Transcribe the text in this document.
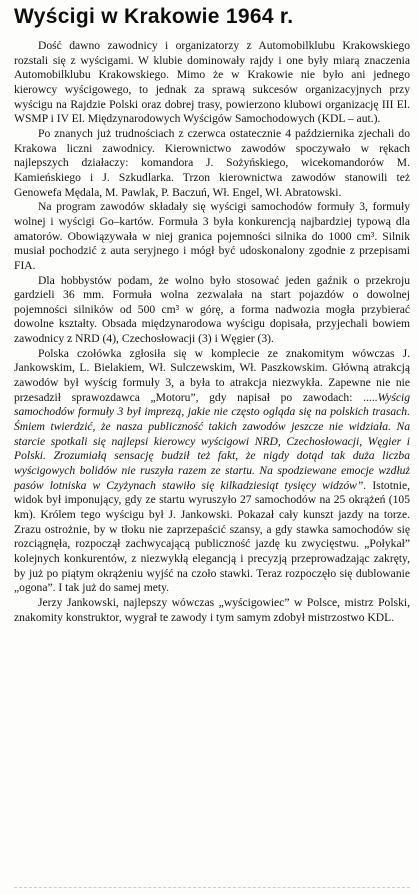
Wyścigi w Krakowie 1964 r.

Dość dawno zawodnicy i organizatorzy z Automobilklubu Krakowskiego rozstali się z wyścigami. W klubie dominowały rajdy i one były miarą znaczenia Automobilklubu Krakowskiego. Mimo że w Krakowie nie było ani jednego kierowcy wyścigowego, to jednak za sprawą sukcesów organizacyjnych przy wyścigu na Rajdzie Polski oraz dobrej trasy, powierzono klubowi organizację III El. WSMP i IV El. Międzynarodowych Wyścigów Samochodowych (KDL – aut.).

Po znanych już trudnościach z czerwca ostatecznie 4 października zjechali do Krakowa liczni zawodnicy. Kierownictwo zawodów spoczywało w rękach najlepszych działaczy: komandora J. Sożyńskiego, wicekomandorów M. Kamieńskiego i J. Szkudlarka. Trzon kierownictwa zawodów stanowili też Genowefa Mędala, M. Pawlak, P. Baczuń, Wł. Engel, Wł. Abratowski.

Na program zawodów składały się wyścigi samochodów formuły 3, formuły wolnej i wyścigi Go–kartów. Formuła 3 była konkurencją najbardziej typową dla amatorów. Obowiązywała w niej granica pojemności silnika do 1000 cm³. Silnik musiał pochodzić z auta seryjnego i mógł być udoskonalony zgodnie z przepisami FIA.

Dla hobbystów podam, że wolno było stosować jeden gaźnik o przekroju gardzieli 36 mm. Formuła wolna zezwalała na start pojazdów o dowolnej pojemności silników od 500 cm³ w górę, a forma nadwozia mogła przybierać dowolne kształty. Obsada międzynarodowa wyścigu dopisała, przyjechali bowiem zawodnicy z NRD (4), Czechosłowacji (3) i Węgier (3).

Polska czołówka zgłosiła się w komplecie ze znakomitym wówczas J. Jankowskim, L. Bielakiem, Wł. Sulczewskim, Wł. Paszkowskim. Główną atrakcją zawodów był wyścig formuły 3, a była to atrakcja niezwykła. Zapewne nie nie przesadził sprawozdawca „Motoru”, gdy napisał po zawodach: .....Wyścig samochodów formuły 3 był imprezą, jakie nie często ogląda się na polskich trasach. Śmiem twierdzić, że nasza publiczność takich zawodów jeszcze nie widziała. Na starcie spotkali się najlepsi kierowcy wyścigowi NRD, Czechosłowacji, Węgier i Polski. Zrozumiałą sensację budził też fakt, że nigdy dotąd tak duża liczba wyścigowych bolidów nie ruszyła razem ze startu. Na spodziewane emocje wzdłuż pasów lotniska w Czyżynach stawiło się kilkadziesiąt tysięcy widzów”. Istotnie, widok był imponujący, gdy ze startu wyruszyło 27 samochodów na 25 okrążeń (105 km). Królem tego wyścigu był J. Jankowski. Pokazał cały kunszt jazdy na torze. Zrazu ostrożnie, by w tłoku nie zaprzepaścić szansy, a gdy stawka samochodów się rozciągnęła, rozpoczął zachwycającą publiczność jazdę ku zwycięstwu. „Połykał” kolejnych konkurentów, z niezwykłą elegancją i precyzją przeprowadzając zakręty, by już po piątym okrążeniu wyjść na czoło stawki. Teraz rozpoczęło się dublowanie „ogona”. I tak już do samej mety.

Jerzy Jankowski, najlepszy wówczas „wyścigowiec” w Polsce, mistrz Polski, znakomity konstruktor, wygrał te zawody i tym samym zdobył mistrzostwo KDL.
